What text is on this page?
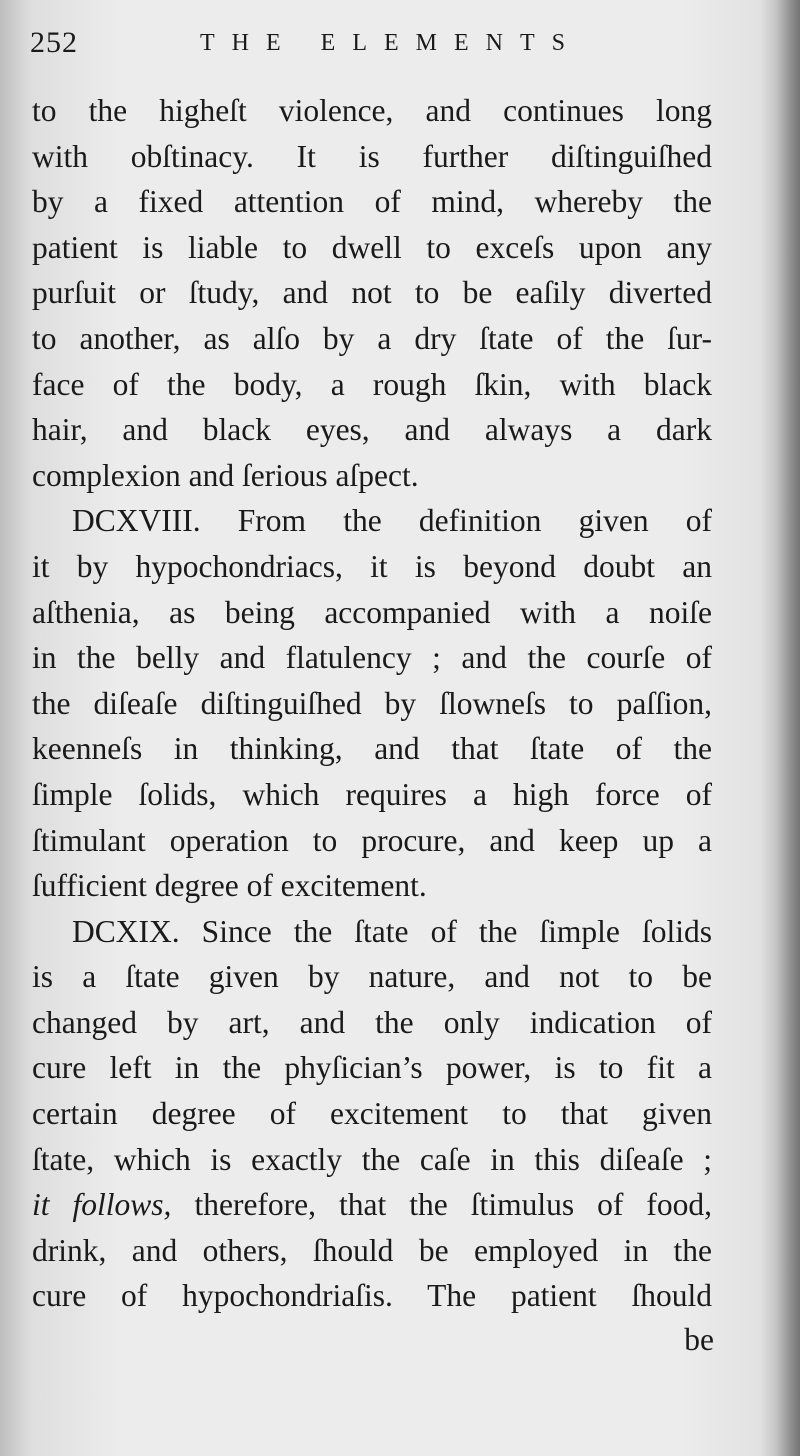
252	THE ELEMENTS

to the higheſt violence, and continues long
with obſtinacy. It is further diſtinguiſhed
by a fixed attention of mind, whereby the
patient is liable to dwell to exceſs upon any
purſuit or ſtudy, and not to be eaſily diverted
to another, as alſo by a dry ſtate of the ſur-
face of the body, a rough ſkin, with black
hair, and black eyes, and always a dark
complexion and ſerious aſpect.

DCXVIII. From the definition given of
it by hypochondriacs, it is beyond doubt an
aſthenia, as being accompanied with a noiſe
in the belly and flatulency ; and the courſe of
the diſeaſe diſtinguiſhed by ſlowneſs to paſſion,
keenneſs in thinking, and that ſtate of the
ſimple ſolids, which requires a high force of
ſtimulant operation to procure, and keep up a
ſufficient degree of excitement.

DCXIX. Since the ſtate of the ſimple ſolids
is a ſtate given by nature, and not to be
changed by art, and the only indication of
cure left in the phyſician’s power, is to fit a
certain degree of excitement to that given
ſtate, which is exactly the caſe in this diſeaſe ;
it follows, therefore, that the ſtimulus of food,
drink, and others, ſhould be employed in the
cure of hypochondriaſis. The patient ſhould

be
